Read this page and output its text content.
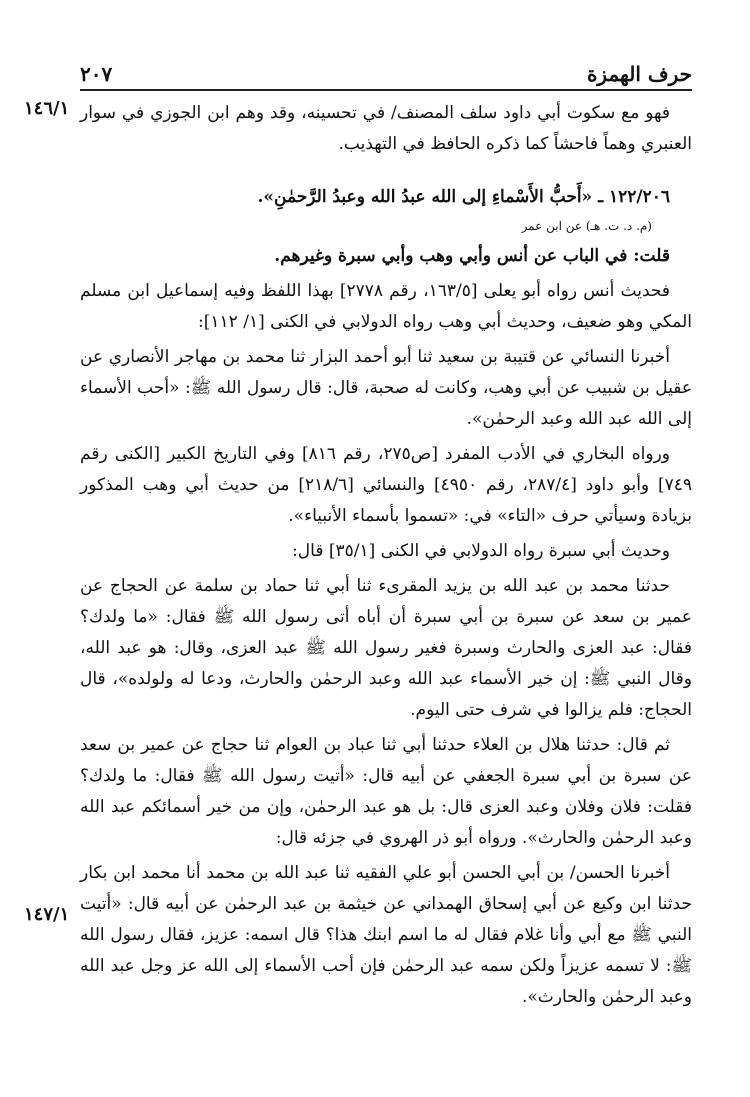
حرف الهمزة
٢٠٧
١٤٦/١
١٤٧/١

فهو مع سكوت أبي داود سلف المصنف/ في تحسينه، وقد وهم ابن الجوزي في سوار العنبري وهماً فاحشاً كما ذكره الحافظ في التهذيب.

١٢٢/٢٠٦ ـ «أَحبُّ الأَسْماءِ إلى الله عبدُ الله وعبدُ الرَّحمٰنِ».

(م. د. ت. هـ) عن ابن عمر

قلت: في الباب عن أنس وأبي وهب وأبي سبرة وغيرهم.

فحديث أنس رواه أبو يعلى [١٦٣/٥، رقم ٢٧٧٨] بهذا اللفظ وفيه إسماعيل ابن مسلم المكي وهو ضعيف، وحديث أبي وهب رواه الدولابي في الكنى [١/ ١١٢]:

أخبرنا النسائي عن قتيبة بن سعيد ثنا أبو أحمد البزار ثنا محمد بن مهاجر الأنصاري عن عقيل بن شبيب عن أبي وهب، وكانت له صحبة، قال: قال رسول الله ﷺ: «أحب الأسماء إلى الله عبد الله وعبد الرحمٰن».

ورواه البخاري في الأدب المفرد [ص٢٧٥، رقم ٨١٦] وفي التاريخ الكبير [الكنى رقم ٧٤٩] وأبو داود [٢٨٧/٤، رقم ٤٩٥٠] والنسائي [٢١٨/٦] من حديث أبي وهب المذكور بزيادة وسيأتي حرف «التاء» في: «تسموا بأسماء الأنبياء».

وحديث أبي سبرة رواه الدولابي في الكنى [٣٥/١] قال:

حدثنا محمد بن عبد الله بن يزيد المقرىء ثنا أبي ثنا حماد بن سلمة عن الحجاج عن عمير بن سعد عن سبرة بن أبي سبرة أن أباه أتى رسول الله ﷺ فقال: «ما ولدك؟ فقال: عبد العزى والحارث وسبرة فغير رسول الله ﷺ عبد العزى، وقال: هو عبد الله، وقال النبي ﷺ: إن خير الأسماء عبد الله وعبد الرحمٰن والحارث، ودعا له ولولده»، قال الحجاج: فلم يزالوا في شرف حتى اليوم.

ثم قال: حدثنا هلال بن العلاء حدثنا أبي ثنا عباد بن العوام ثنا حجاج عن عمير بن سعد عن سبرة بن أبي سبرة الجعفي عن أبيه قال: «أتيت رسول الله ﷺ فقال: ما ولدك؟ فقلت: فلان وفلان وعبد العزى قال: بل هو عبد الرحمٰن، وإن من خير أسمائكم عبد الله وعبد الرحمٰن والحارث». ورواه أبو ذر الهروي في جزئه قال:

أخبرنا الحسن/ بن أبي الحسن أبو علي الفقيه ثنا عبد الله بن محمد أنا محمد ابن بكار حدثنا ابن وكيع عن أبي إسحاق الهمداني عن خيثمة بن عبد الرحمٰن عن أبيه قال: «أتيت النبي ﷺ مع أبي وأنا غلام فقال له ما اسم ابنك هذا؟ قال اسمه: عزيز، فقال رسول الله ﷺ: لا تسمه عزيزاً ولكن سمه عبد الرحمٰن فإن أحب الأسماء إلى الله عز وجل عبد الله وعبد الرحمٰن والحارث».
